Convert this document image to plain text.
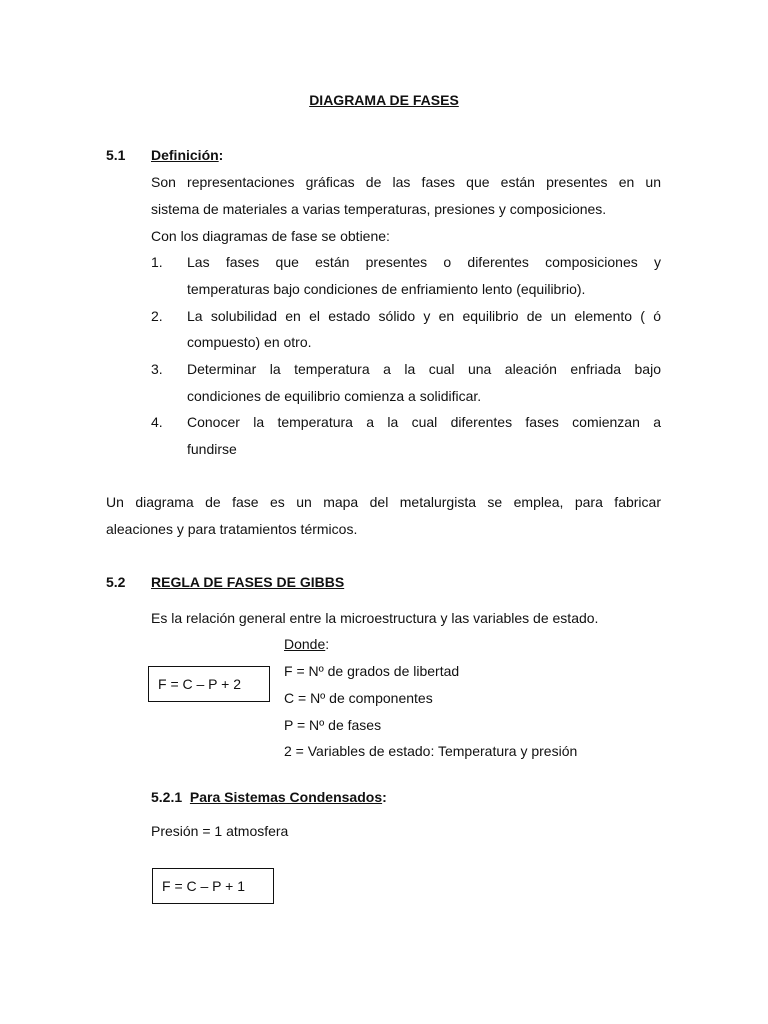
DIAGRAMA DE FASES
5.1 Definición:
Son representaciones gráficas de las fases que están presentes en un
sistema de materiales a varias temperaturas, presiones y composiciones.
Con los diagramas de fase se obtiene:
1. Las fases que están presentes o diferentes composiciones y
temperaturas bajo condiciones de enfriamiento lento (equilibrio).
2. La solubilidad en el estado sólido y en equilibrio de un elemento ( ó
compuesto) en otro.
3. Determinar la temperatura a la cual una aleación enfriada bajo
condiciones de equilibrio comienza a solidificar.
4. Conocer la temperatura a la cual diferentes fases comienzan a
fundirse
Un diagrama de fase es un mapa del metalurgista se emplea, para fabricar
aleaciones y para tratamientos térmicos.
5.2 REGLA DE FASES DE GIBBS
Es la relación general entre la microestructura y las variables de estado.
Donde:
F = C – P + 2
F = Nº de grados de libertad
C = Nº de componentes
P = Nº de fases
2 = Variables de estado: Temperatura y presión
5.2.1 Para Sistemas Condensados:
Presión = 1 atmosfera
F = C – P + 1
